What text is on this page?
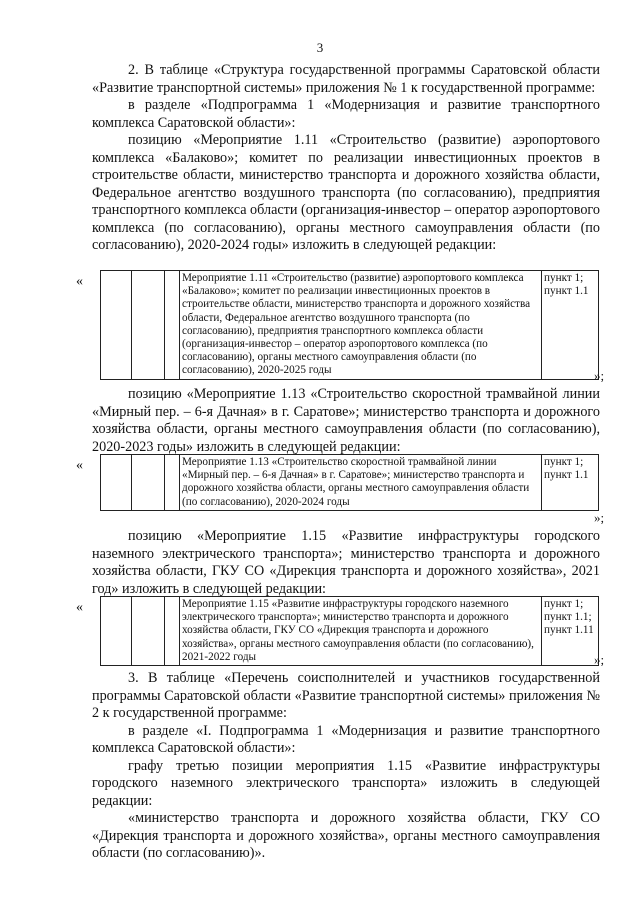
3

2. В таблице «Структура государственной программы Саратовской области «Развитие транспортной системы» приложения № 1 к государственной программе:

в разделе «Подпрограмма 1 «Модернизация и развитие транспортного комплекса Саратовской области»:

позицию «Мероприятие 1.11 «Строительство (развитие) аэропортового комплекса «Балаково»; комитет по реализации инвестиционных проектов в строительстве области, министерство транспорта и дорожного хозяйства области, Федеральное агентство воздушного транспорта (по согласованию), предприятия транспортного комплекса области (организация-инвестор – оператор аэропортового комплекса (по согласованию), органы местного самоуправления области (по согласованию), 2020-2024 годы» изложить в следующей редакции:

«
				Мероприятие 1.11 «Строительство (развитие) аэропортового комплекса «Балаково»; комитет по реализации инвестиционных проектов в строительстве области, министерство транспорта и дорожного хозяйства области, Федеральное агентство воздушного транспорта (по согласованию), предприятия транспортного комплекса области (организация-инвестор – оператор аэропортового комплекса (по согласованию), органы местного самоуправления области (по согласованию), 2020-2025 годы	пункт 1; пункт 1.1
»;

позицию «Мероприятие 1.13 «Строительство скоростной трамвайной линии «Мирный пер. – 6-я Дачная» в г. Саратове»; министерство транспорта и дорожного хозяйства области, органы местного самоуправления области (по согласованию), 2020-2023 годы» изложить в следующей редакции:

«
				Мероприятие 1.13 «Строительство скоростной трамвайной линии «Мирный пер. – 6-я Дачная» в г. Саратове»; министерство транспорта и дорожного хозяйства области, органы местного самоуправления области (по согласованию), 2020-2024 годы	пункт 1; пункт 1.1
»;

позицию «Мероприятие 1.15 «Развитие инфраструктуры городского наземного электрического транспорта»; министерство транспорта и дорожного хозяйства области, ГКУ СО «Дирекция транспорта и дорожного хозяйства», 2021 год» изложить в следующей редакции:

«
				Мероприятие 1.15 «Развитие инфраструктуры городского наземного электрического транспорта»; министерство транспорта и дорожного хозяйства области, ГКУ СО «Дирекция транспорта и дорожного хозяйства», органы местного самоуправления области (по согласованию), 2021-2022 годы	пункт 1; пункт 1.1; пункт 1.11
»;

3. В таблице «Перечень соисполнителей и участников государственной программы Саратовской области «Развитие транспортной системы» приложения № 2 к государственной программе:

в разделе «I. Подпрограмма 1 «Модернизация и развитие транспортного комплекса Саратовской области»:

графу третью позиции мероприятия 1.15 «Развитие инфраструктуры городского наземного электрического транспорта» изложить в следующей редакции:

«министерство транспорта и дорожного хозяйства области, ГКУ СО «Дирекция транспорта и дорожного хозяйства», органы местного самоуправления области (по согласованию)».
